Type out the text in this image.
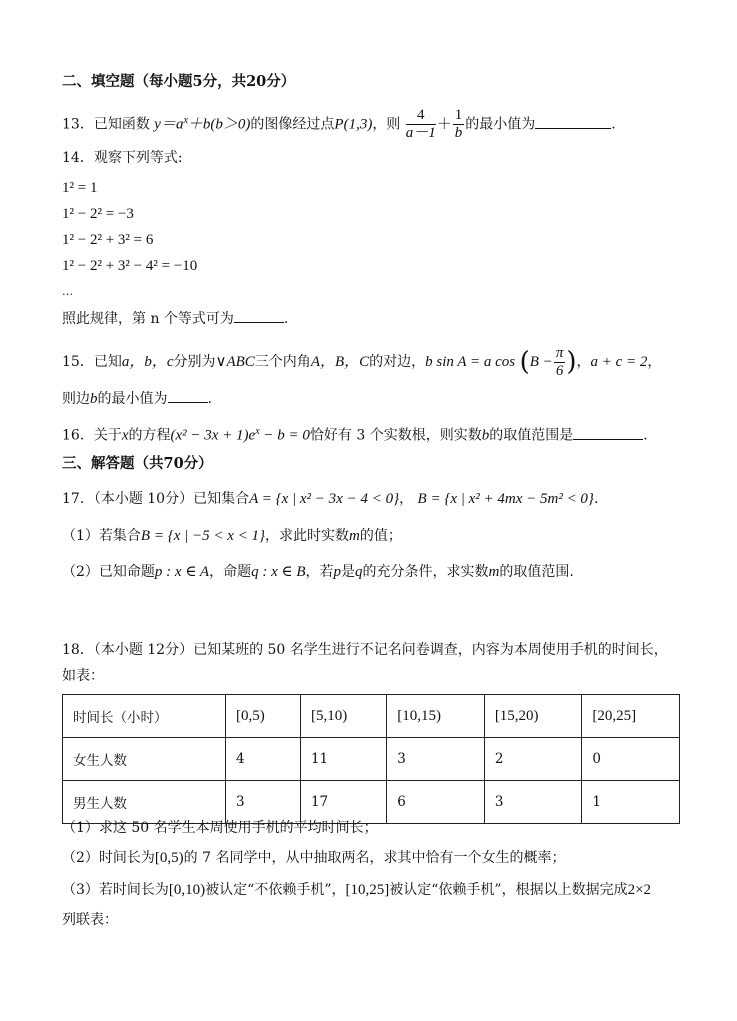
二、填空题（每小题5分，共20分）
13．已知函数 $y=a^x+b(b>0)$的图像经过点P(1,3)，则 $\frac{4}{a-1} + \frac{1}{b}$ 的最小值为	.
14．观察下列等式:
1² = 1
1² − 2² = −3
1² − 2² + 3² = 6
1² − 2² + 3² − 4² = −10
…
照此规律，第 n 个等式可为	.
15．已知a，b，c分别为∨ABC三个内角A，B，C的对边，b sin A = a $\cos (B - \frac{\pi}{6}$ )，a + c = 2，
则边b的最小值为	.
16．关于x的方程$(x^2 - 3x + 1)e^x - b = 0$恰好有 3 个实数根，则实数b的取值范围是	.
三、解答题（共70分）
17．（本小题 10分）已知集合A = {x | x² − 3x − 4 < 0}， B = {x | x² + 4mx − 5m² < 0}.
（1）若集合B = {x | −5 < x < 1}，求此时实数m的值；
（2）已知命题p : x ∈ A，命题q : x ∈ B，若p是q的充分条件，求实数m的取值范围.
18．（本小题 12分）已知某班的 50 名学生进行不记名问卷调查，内容为本周使用手机的时间长，
如表：
时间长（小时）	[0,5)	[5,10)	[10,15)	[15,20)	[20,25]
女生人数	4	11	3	2	0
男生人数	3	17	6	3	1
（1）求这 50 名学生本周使用手机的平均时间长；
（2）时间长为[0,5)的 7 名同学中，从中抽取两名，求其中恰有一个女生的概率；
（3）若时间长为[0,10)被认定“不依赖手机”，[10,25]被认定“依赖手机”，根据以上数据完成2×2
列联表：
